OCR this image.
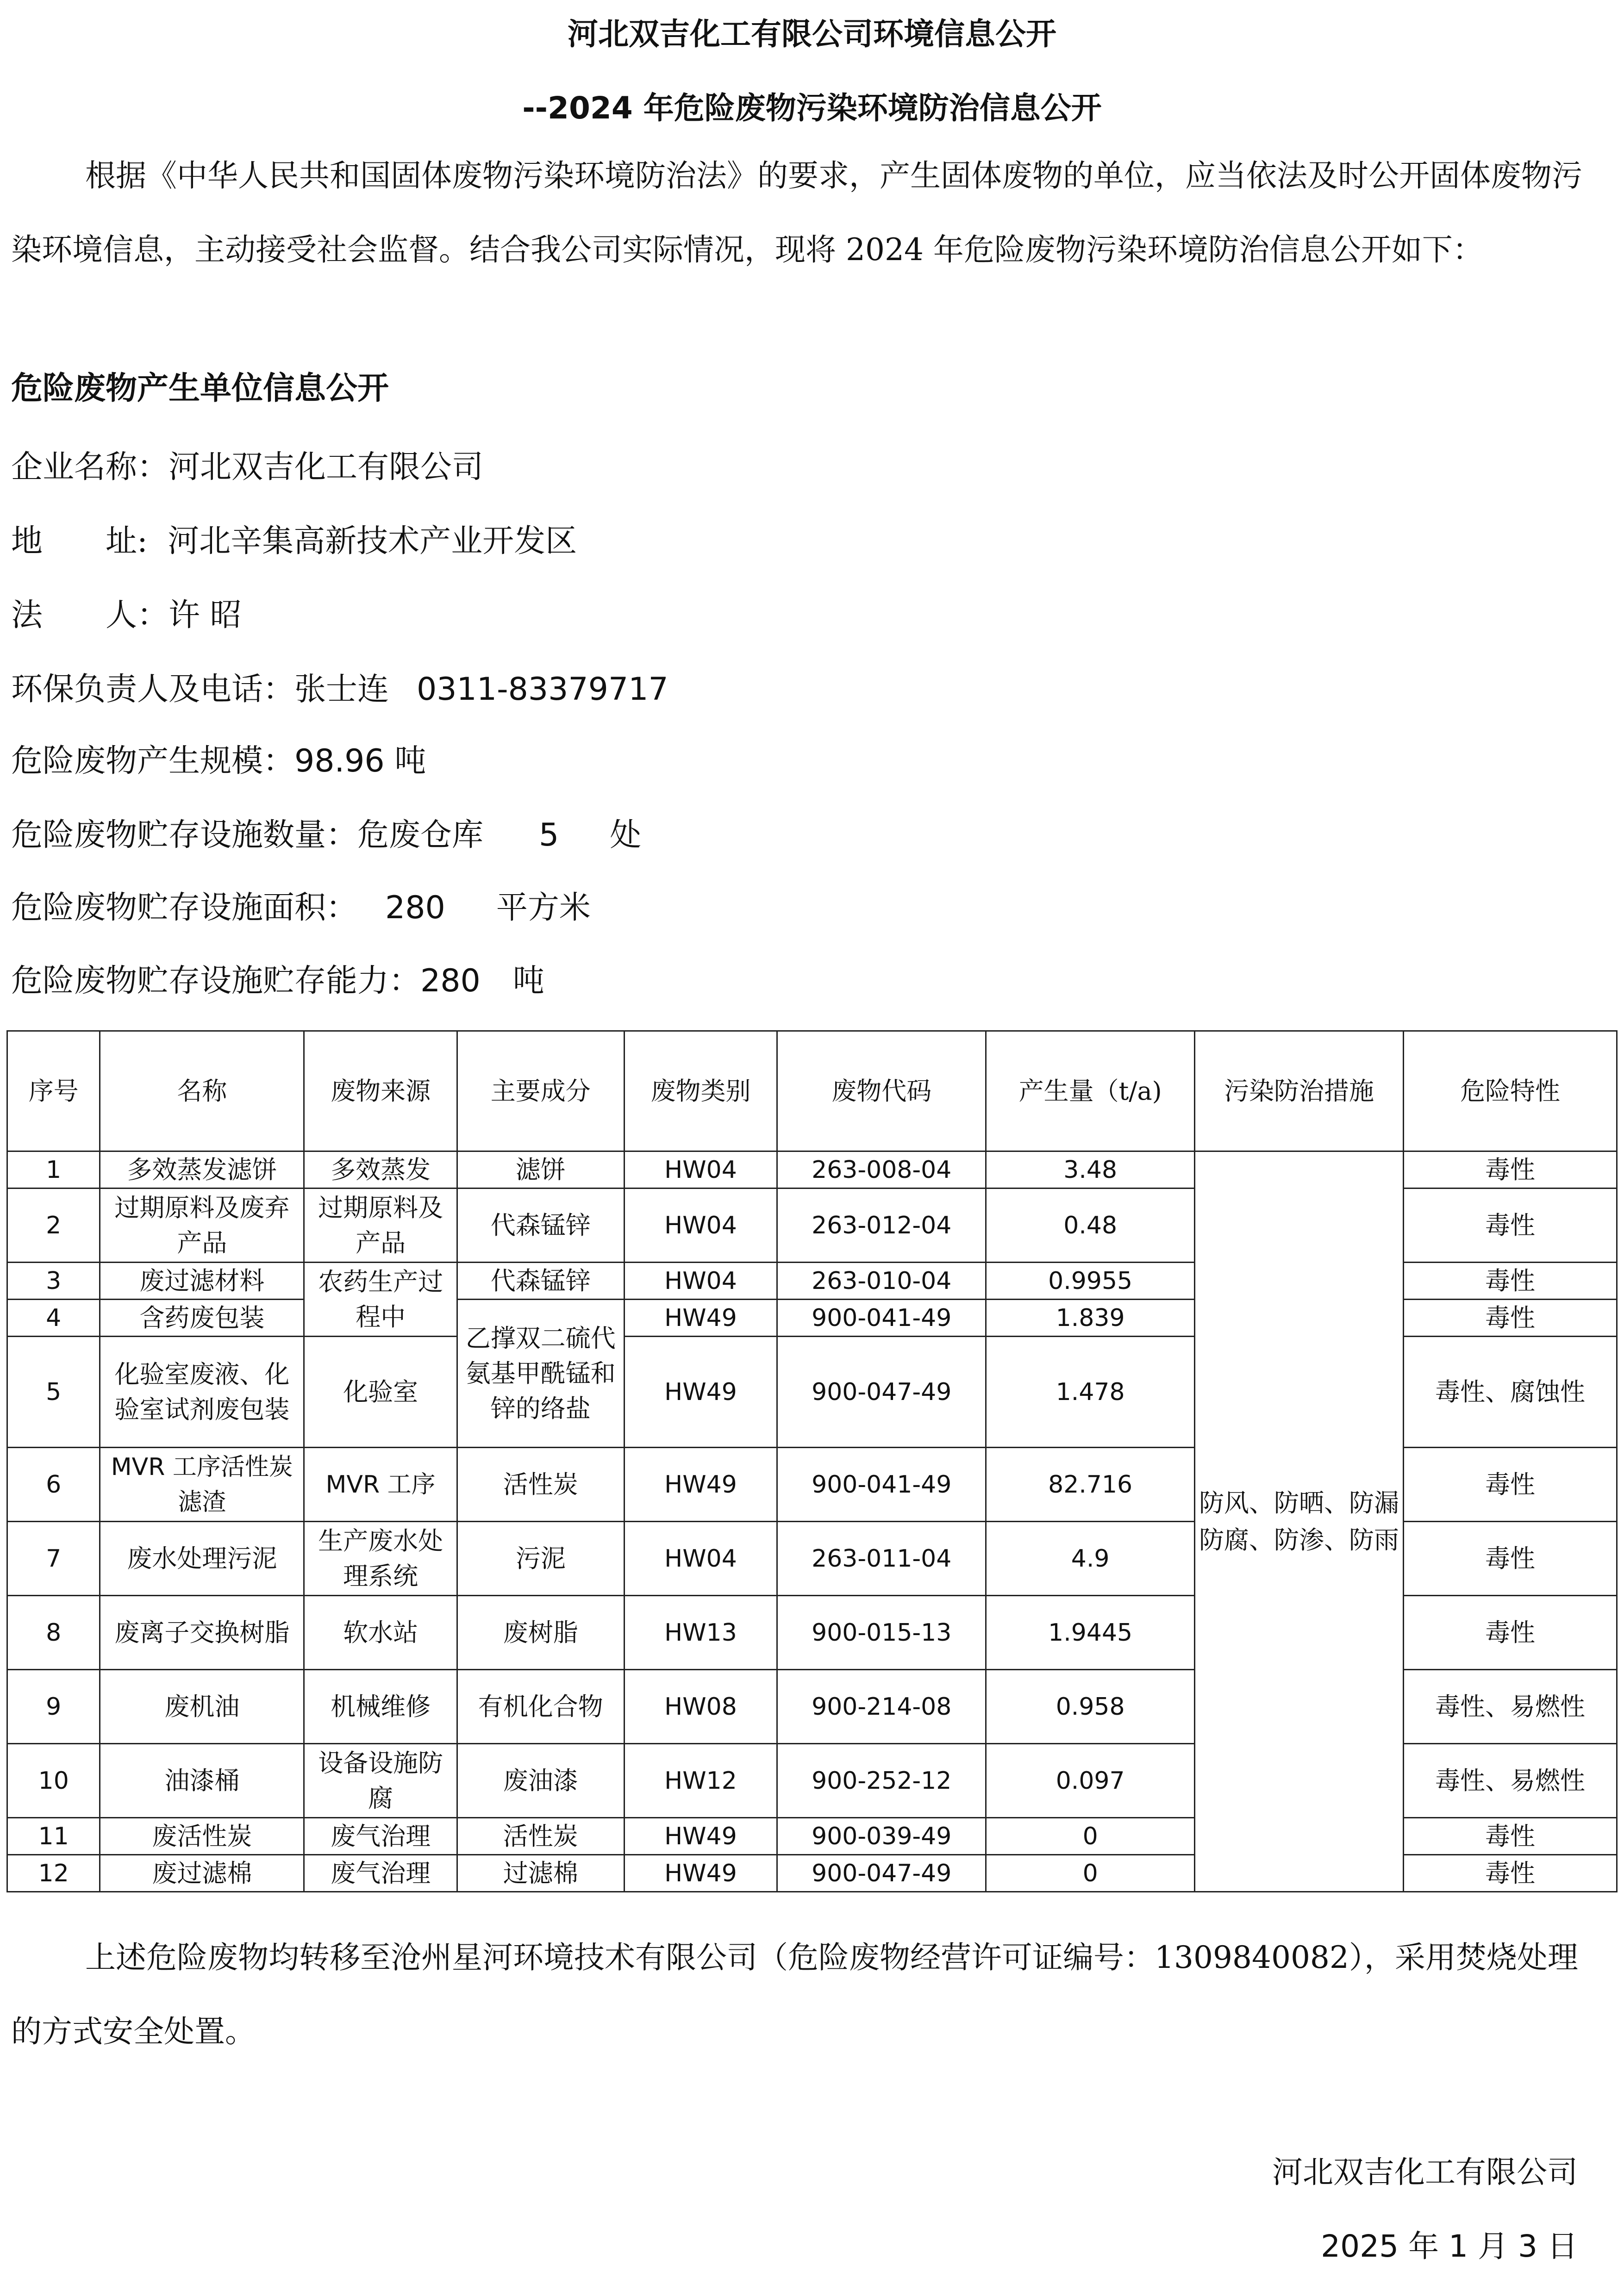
河北双吉化工有限公司环境信息公开
--2024 年危险废物污染环境防治信息公开
根据《中华人民共和国固体废物污染环境防治法》的要求，产生固体废物的单位，应当依法及时公开固体废物污染环境信息，主动接受社会监督。结合我公司实际情况，现将 2024 年危险废物污染环境防治信息公开如下：
危险废物产生单位信息公开
企业名称：河北双吉化工有限公司
地　　址: 河北辛集高新技术产业开发区
法　　人：许 昭
环保负责人及电话：张士连 0311-83379717
危险废物产生规模：98.96 吨
危险废物贮存设施数量：危废仓库 5 处
危险废物贮存设施面积： 280 平方米
危险废物贮存设施贮存能力：280 吨
序号	名称	废物来源	主要成分	废物类别	废物代码	产生量（t/a)	污染防治措施	危险特性
1	多效蒸发滤饼	多效蒸发	滤饼	HW04	263-008-04	3.48	防风、防晒、防漏防腐、防渗、防雨	毒性
2	过期原料及废弃产品	过期原料及产品	代森锰锌	HW04	263-012-04	0.48		毒性
3	废过滤材料	农药生产过程中	代森锰锌	HW04	263-010-04	0.9955		毒性
4	含药废包装		乙撑双二硫代氨基甲酰锰和锌的络盐	HW49	900-041-49	1.839		毒性
5	化验室废液、化验室试剂废包装	化验室		HW49	900-047-49	1.478		毒性、腐蚀性
6	MVR 工序活性炭滤渣	MVR 工序	活性炭	HW49	900-041-49	82.716		毒性
7	废水处理污泥	生产废水处理系统	污泥	HW04	263-011-04	4.9		毒性
8	废离子交换树脂	软水站	废树脂	HW13	900-015-13	1.9445		毒性
9	废机油	机械维修	有机化合物	HW08	900-214-08	0.958		毒性、易燃性
10	油漆桶	设备设施防腐	废油漆	HW12	900-252-12	0.097		毒性、易燃性
11	废活性炭	废气治理	活性炭	HW49	900-039-49	0		毒性
12	废过滤棉	废气治理	过滤棉	HW49	900-047-49	0		毒性
上述危险废物均转移至沧州星河环境技术有限公司（危险废物经营许可证编号：1309840082），采用焚烧处理的方式安全处置。
河北双吉化工有限公司
2025 年 1 月 3 日
